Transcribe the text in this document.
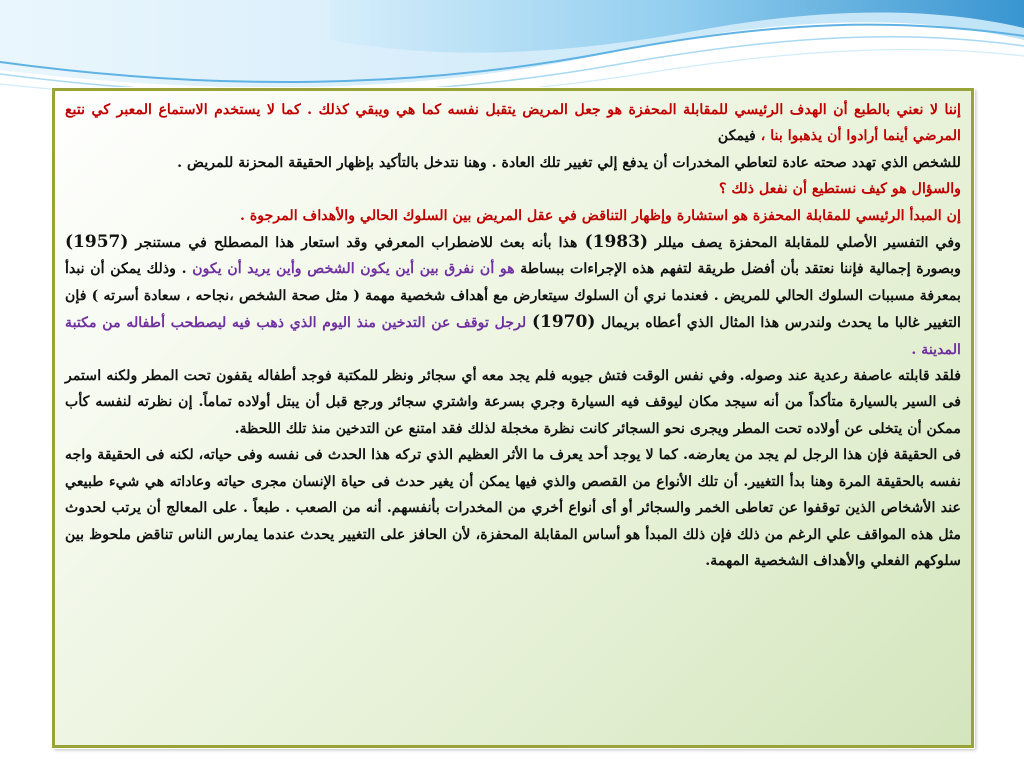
إننا لا نعني بالطبع أن الهدف الرئيسي للمقابلة المحفزة هو جعل المريض يتقبل نفسه كما هي ويبقي كذلك . كما لا يستخدم الاستماع المعبر كي نتبع المرضي أينما أرادوا أن يذهبوا بنا ، فيمكن

للشخص الذي تهدد صحته عادة لتعاطي المخدرات أن يدفع إلي تغيير تلك العادة . وهنا نتدخل بالتأكيد بإظهار الحقيقة المحزنة للمريض .

والسؤال هو كيف نستطيع أن نفعل ذلك ؟

إن المبدأ الرئيسي للمقابلة المحفزة هو استشارة وإظهار التناقض في عقل المريض بين السلوك الحالي والأهداف المرجوة .

وفي التفسير الأصلي للمقابلة المحفزة يصف ميللر (1983) هذا بأنه بعث للاضطراب المعرفي وقد استعار هذا المصطلح في مستنجر (1957) وبصورة إجمالية فإننا نعتقد بأن أفضل طريقة لتفهم هذه الإجراءات ببساطة هو أن نفرق بين أين يكون الشخص وأين يريد أن يكون . وذلك يمكن أن نبدأ بمعرفة مسببات السلوك الحالي للمريض . فعندما نري أن السلوك سيتعارض مع أهداف شخصية مهمة ( مثل صحة الشخص ،نجاحه ، سعادة أسرته ) فإن التغيير غالبا ما يحدث ولندرس هذا المثال الذي أعطاه بريمال (1970) لرجل توقف عن التدخين منذ اليوم الذي ذهب فيه ليصطحب أطفاله من مكتبة المدينة .

فلقد قابلته عاصفة رعدية عند وصوله. وفي نفس الوقت فتش جيوبه فلم يجد معه أي سجائر ونظر للمكتبة فوجد أطفاله يقفون تحت المطر ولكنه استمر فى السير بالسيارة متأكداً من أنه سيجد مكان ليوقف فيه السيارة وجري بسرعة واشتري سجائر ورجع قبل أن يبتل أولاده تماماً. إن نظرته لنفسه كأب ممكن أن يتخلى عن أولاده تحت المطر ويجرى نحو السجائر كانت نظرة مخجلة لذلك فقد امتنع عن التدخين منذ تلك اللحظة.

فى الحقيقة فإن هذا الرجل لم يجد من يعارضه. كما لا يوجد أحد يعرف ما الأثر العظيم الذي تركه هذا الحدث فى نفسه وفى حياته، لكنه فى الحقيقة واجه نفسه بالحقيقة المرة وهنا بدأ التغيير. أن تلك الأنواع من القصص والذي فيها يمكن أن يغير حدث فى حياة الإنسان مجرى حياته وعاداته هي شيء طبيعي عند الأشخاص الذين توقفوا عن تعاطى الخمر والسجائر أو أى أنواع أخري من المخدرات بأنفسهم. أنه من الصعب . طبعاً . على المعالج أن يرتب لحدوث مثل هذه المواقف علي الرغم من ذلك فإن ذلك المبدأ هو أساس المقابلة المحفزة، لأن الحافز على التغيير يحدث عندما يمارس الناس تناقض ملحوظ بين سلوكهم الفعلي والأهداف الشخصية المهمة.
